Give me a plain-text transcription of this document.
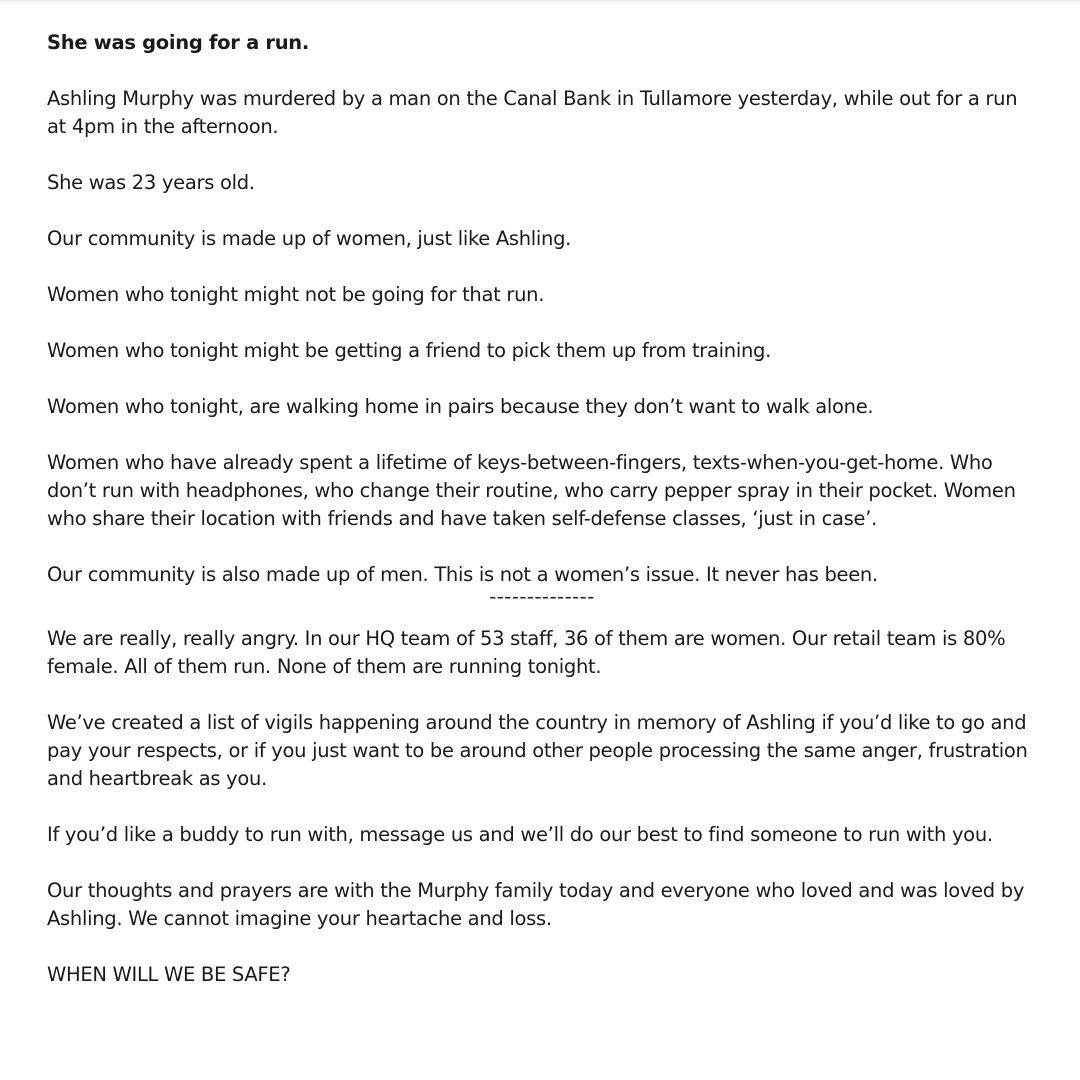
She was going for a run.

Ashling Murphy was murdered by a man on the Canal Bank in Tullamore yesterday, while out for a run at 4pm in the afternoon.

She was 23 years old.

Our community is made up of women, just like Ashling.

Women who tonight might not be going for that run.

Women who tonight might be getting a friend to pick them up from training.

Women who tonight, are walking home in pairs because they don’t want to walk alone.

Women who have already spent a lifetime of keys-between-fingers, texts-when-you-get-home. Who don’t run with headphones, who change their routine, who carry pepper spray in their pocket. Women who share their location with friends and have taken self-defense classes, ‘just in case’.

Our community is also made up of men. This is not a women’s issue. It never has been.

--------------

We are really, really angry. In our HQ team of 53 staff, 36 of them are women. Our retail team is 80% female. All of them run. None of them are running tonight.

We’ve created a list of vigils happening around the country in memory of Ashling if you’d like to go and pay your respects, or if you just want to be around other people processing the same anger, frustration and heartbreak as you.

If you’d like a buddy to run with, message us and we’ll do our best to find someone to run with you.

Our thoughts and prayers are with the Murphy family today and everyone who loved and was loved by Ashling. We cannot imagine your heartache and loss.

WHEN WILL WE BE SAFE?
